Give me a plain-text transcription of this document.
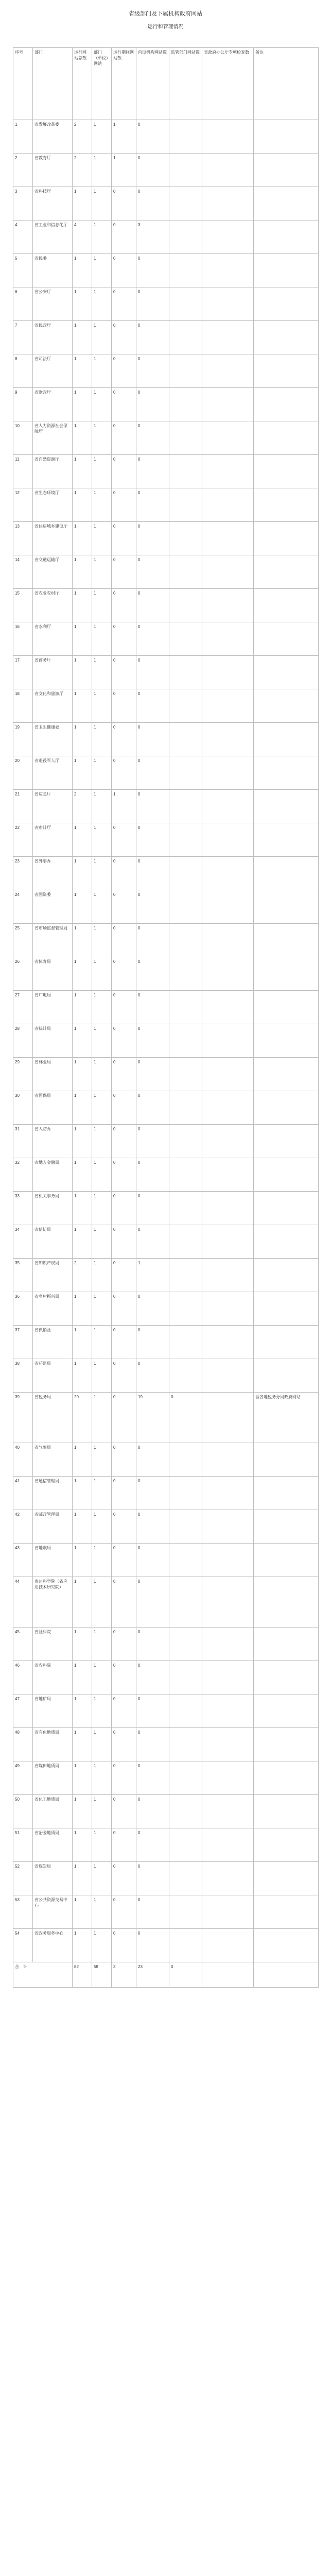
省级部门及下属机构政府网站
运行和管理情况
序号	部门	运行网站总数	部门（单位）网站	运行期间网站数	内设机构网站数	监管部门网站数	省政府办公厅专项检查数	备注
1	省发展改革委	2	1	1	0			
2	省教育厅	2	1	1	0			
3	省科技厅	1	1	0	0			
4	省工业和信息化厅	4	1	0	3			
5	省民委	1	1	0	0			
6	省公安厅	1	1	0	0			
7	省民政厅	1	1	0	0			
8	省司法厅	1	1	0	0			
9	省财政厅	1	1	0	0			
10	省人力资源社会保障厅	1	1	0	0			
11	省自然资源厅	1	1	0	0			
12	省生态环境厅	1	1	0	0			
13	省住房城乡建设厅	1	1	0	0			
14	省交通运输厅	1	1	0	0			
15	省农业农村厅	1	1	0	0			
16	省水利厅	1	1	0	0			
17	省商务厅	1	1	0	0			
18	省文化和旅游厅	1	1	0	0			
19	省卫生健康委	1	1	0	0			
20	省退役军人厅	1	1	0	0			
21	省应急厅	2	1	1	0			
22	省审计厅	1	1	0	0			
23	省外事办	1	1	0	0			
24	省国资委	1	1	0	0			
25	省市场监督管理局	1	1	0	0			
26	省体育局	1	1	0	0			
27	省广电局	1	1	0	0			
28	省统计局	1	1	0	0			
29	省林业局	1	1	0	0			
30	省医保局	1	1	0	0			
31	省人防办	1	1	0	0			
32	省地方金融局	1	1	0	0			
33	省机关事务局	1	1	0	0			
34	省信访局	1	1	0	0			
35	省知识产权局	2	1	0	1			
36	省乡村振兴局	1	1	0	0			
37	省供销社	1	1	0	0			
38	省药监局	1	1	0	0			
39	省税务局	20	1	0	19	0		含各地税务分局政府网站
40	省气象局	1	1	0	0			
41	省通信管理局	1	1	0	0			
42	省邮政管理局	1	1	0	0			
43	省地震局	1	1	0	0			
44	贵州科学院（省应用技术研究院）	1	1	0	0			
45	省社科院	1	1	0	0			
46	省农科院	1	1	0	0			
47	省地矿局	1	1	0	0			
48	省有色地质局	1	1	0	0			
49	省煤田地质局	1	1	0	0			
50	省化工地质局	1	1	0	0			
51	省冶金地质局	1	1	0	0			
52	省煤炭局	1	1	0	0			
53	省公共资源交易中心	1	1	0	0			
54	省政务服务中心	1	1	0	0			
合　计		82	58	3	23	0		
